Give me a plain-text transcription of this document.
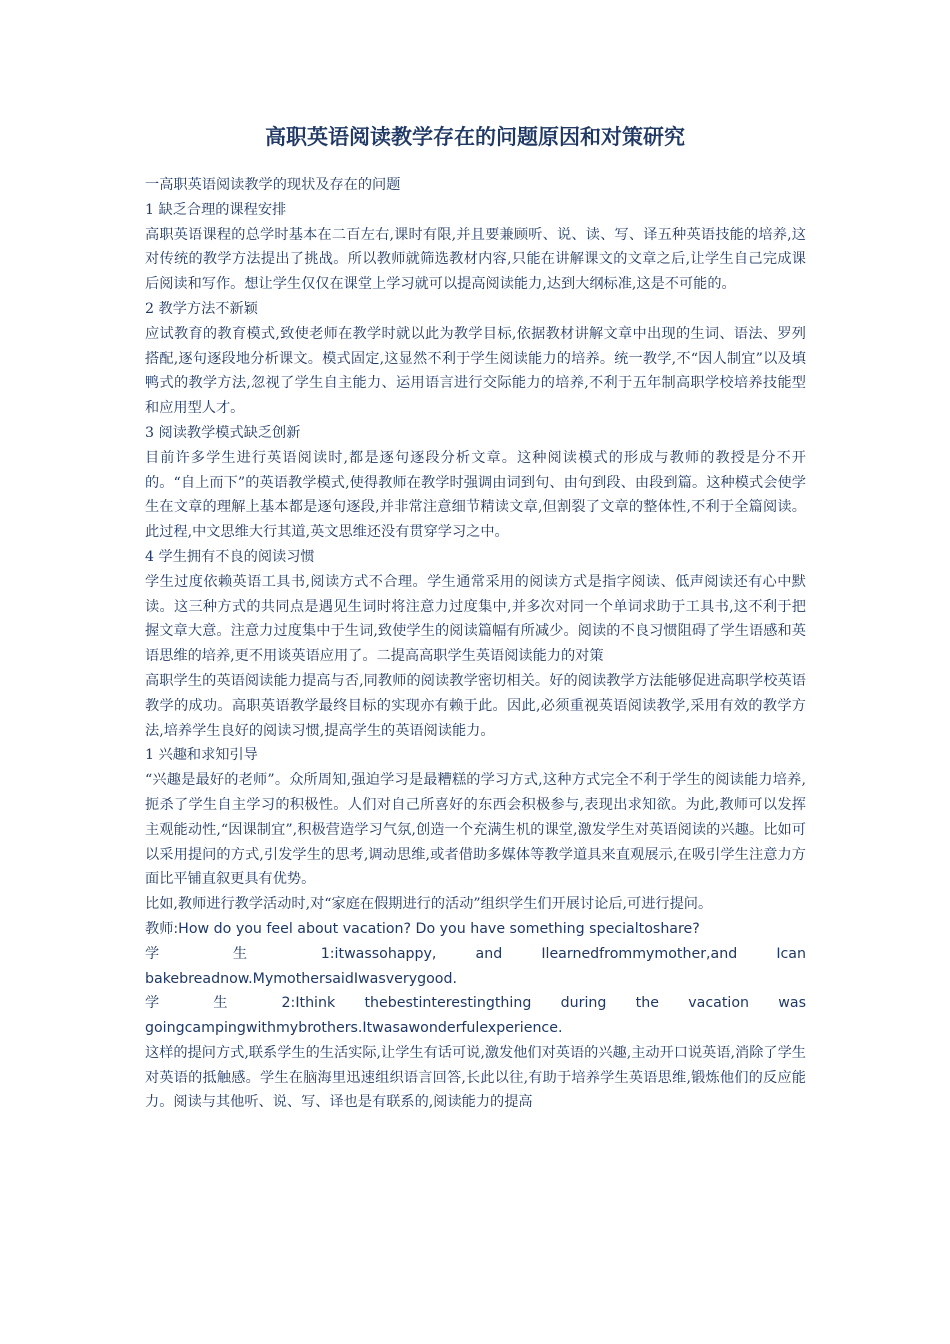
高职英语阅读教学存在的问题原因和对策研究

一高职英语阅读教学的现状及存在的问题

1 缺乏合理的课程安排

高职英语课程的总学时基本在二百左右,课时有限,并且要兼顾听、说、读、写、译五种英语技能的培养,这对传统的教学方法提出了挑战。所以教师就筛选教材内容,只能在讲解课文的文章之后,让学生自己完成课后阅读和写作。想让学生仅仅在课堂上学习就可以提高阅读能力,达到大纲标准,这是不可能的。

2 教学方法不新颖

应试教育的教育模式,致使老师在教学时就以此为教学目标,依据教材讲解文章中出现的生词、语法、罗列搭配,逐句逐段地分析课文。模式固定,这显然不利于学生阅读能力的培养。统一教学,不“因人制宜”以及填鸭式的教学方法,忽视了学生自主能力、运用语言进行交际能力的培养,不利于五年制高职学校培养技能型和应用型人才。

3 阅读教学模式缺乏创新

目前许多学生进行英语阅读时,都是逐句逐段分析文章。这种阅读模式的形成与教师的教授是分不开的。“自上而下”的英语教学模式,使得教师在教学时强调由词到句、由句到段、由段到篇。这种模式会使学生在文章的理解上基本都是逐句逐段,并非常注意细节精读文章,但割裂了文章的整体性,不利于全篇阅读。此过程,中文思维大行其道,英文思维还没有贯穿学习之中。

4 学生拥有不良的阅读习惯

学生过度依赖英语工具书,阅读方式不合理。学生通常采用的阅读方式是指字阅读、低声阅读还有心中默读。这三种方式的共同点是遇见生词时将注意力过度集中,并多次对同一个单词求助于工具书,这不利于把握文章大意。注意力过度集中于生词,致使学生的阅读篇幅有所减少。阅读的不良习惯阻碍了学生语感和英语思维的培养,更不用谈英语应用了。二提高高职学生英语阅读能力的对策

高职学生的英语阅读能力提高与否,同教师的阅读教学密切相关。好的阅读教学方法能够促进高职学校英语教学的成功。高职英语教学最终目标的实现亦有赖于此。因此,必须重视英语阅读教学,采用有效的教学方法,培养学生良好的阅读习惯,提高学生的英语阅读能力。

1 兴趣和求知引导

“兴趣是最好的老师”。众所周知,强迫学习是最糟糕的学习方式,这种方式完全不利于学生的阅读能力培养,扼杀了学生自主学习的积极性。人们对自己所喜好的东西会积极参与,表现出求知欲。为此,教师可以发挥主观能动性,“因课制宜”,积极营造学习气氛,创造一个充满生机的课堂,激发学生对英语阅读的兴趣。比如可以采用提问的方式,引发学生的思考,调动思维,或者借助多媒体等教学道具来直观展示,在吸引学生注意力方面比平铺直叙更具有优势。

比如,教师进行教学活动时,对“家庭在假期进行的活动”组织学生们开展讨论后,可进行提问。

教师:How do you feel about vacation? Do you have something specialtoshare?

学 生 1:itwassohappy, and Ilearnedfrommymother,and Ican bakebreadnow.MymothersaidIwasverygood.

学 生 2:Ithink thebestinterestingthing during the vacation was goingcampingwithmybrothers.Itwasawonderfulexperience.

这样的提问方式,联系学生的生活实际,让学生有话可说,激发他们对英语的兴趣,主动开口说英语,消除了学生对英语的抵触感。学生在脑海里迅速组织语言回答,长此以往,有助于培养学生英语思维,锻炼他们的反应能力。阅读与其他听、说、写、译也是有联系的,阅读能力的提高
